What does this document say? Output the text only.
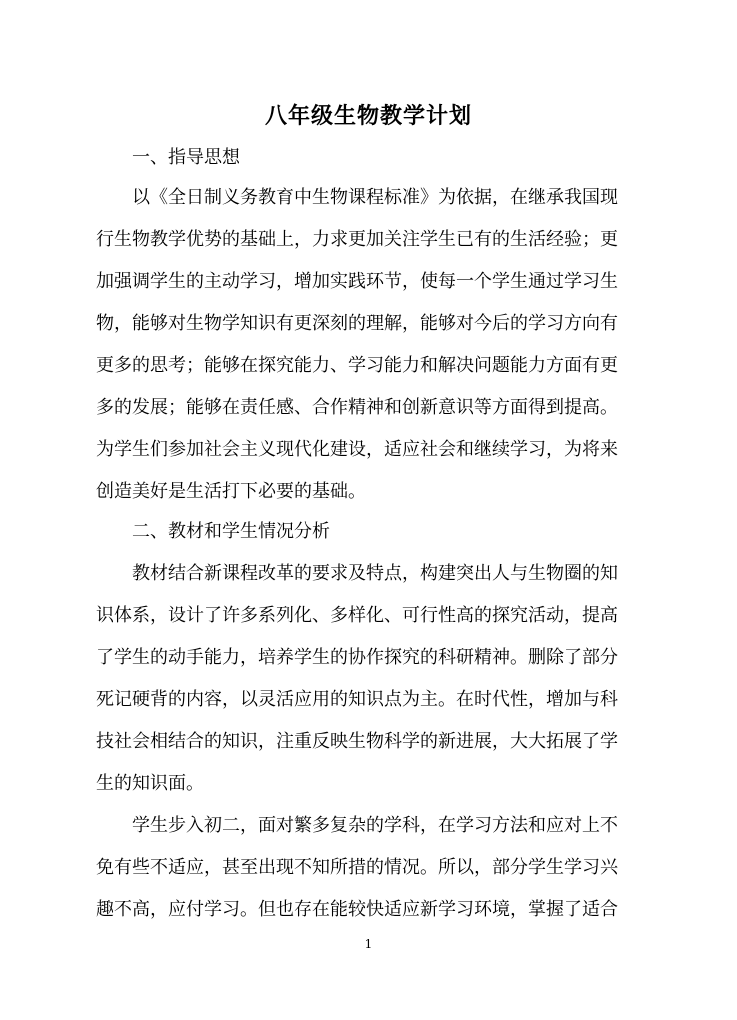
八年级生物教学计划
一、指导思想
以《全日制义务教育中生物课程标准》为依据，在继承我国现
行生物教学优势的基础上，力求更加关注学生已有的生活经验；更
加强调学生的主动学习，增加实践环节，使每一个学生通过学习生
物，能够对生物学知识有更深刻的理解，能够对今后的学习方向有
更多的思考；能够在探究能力、学习能力和解决问题能力方面有更
多的发展；能够在责任感、合作精神和创新意识等方面得到提高。
为学生们参加社会主义现代化建设，适应社会和继续学习，为将来
创造美好是生活打下必要的基础。
二、教材和学生情况分析
教材结合新课程改革的要求及特点，构建突出人与生物圈的知
识体系，设计了许多系列化、多样化、可行性高的探究活动，提高
了学生的动手能力，培养学生的协作探究的科研精神。删除了部分
死记硬背的内容，以灵活应用的知识点为主。在时代性，增加与科
技社会相结合的知识，注重反映生物科学的新进展，大大拓展了学
生的知识面。
学生步入初二，面对繁多复杂的学科，在学习方法和应对上不
免有些不适应，甚至出现不知所措的情况。所以，部分学生学习兴
趣不高，应付学习。但也存在能较快适应新学习环境，掌握了适合
1
